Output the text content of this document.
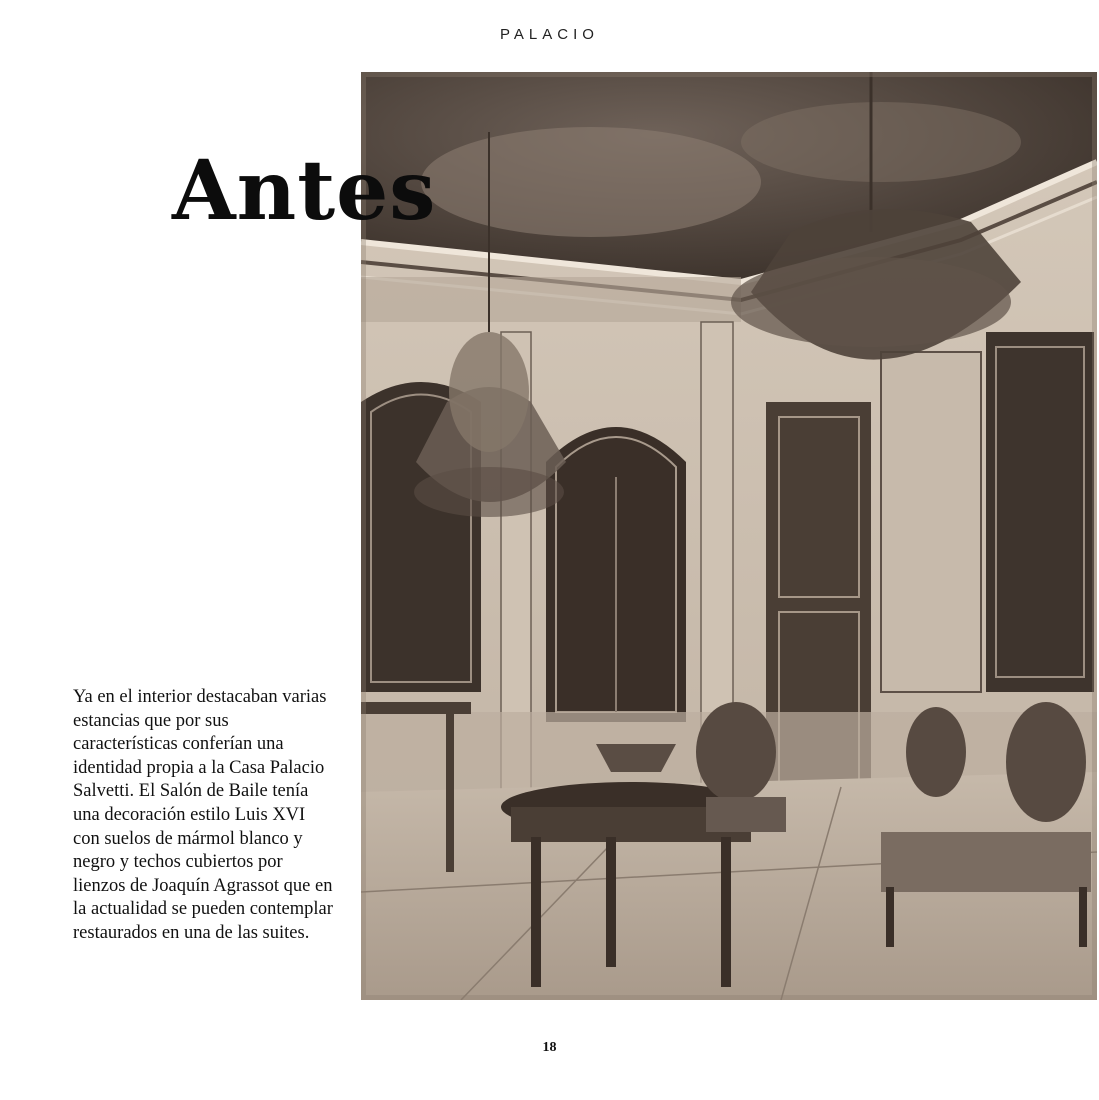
PALACIO
Antes

Ya en el interior destacaban varias estancias que por sus características conferían una identidad propia a la Casa Palacio Salvetti. El Salón de Baile tenía una decoración estilo Luis XVI con suelos de mármol blanco y negro y techos cubiertos por lienzos de Joaquín Agrassot que en la actualidad se pueden contemplar restaurados en una de las suites.

18
